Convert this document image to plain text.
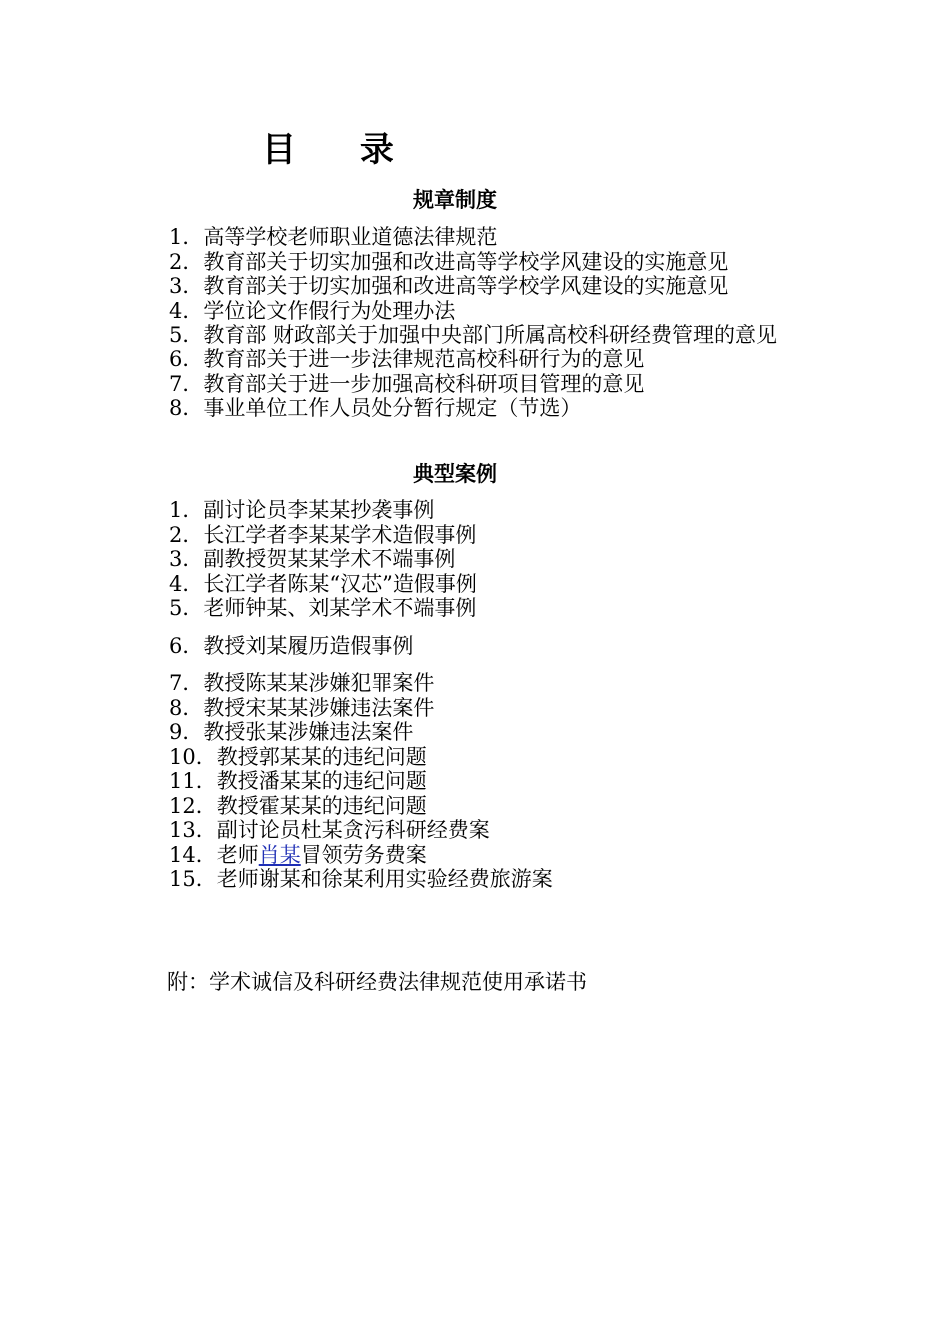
目 录
规章制度
1．高等学校老师职业道德法律规范
2．教育部关于切实加强和改进高等学校学风建设的实施意见
3．教育部关于切实加强和改进高等学校学风建设的实施意见
4．学位论文作假行为处理办法
5．教育部 财政部关于加强中央部门所属高校科研经费管理的意见
6．教育部关于进一步法律规范高校科研行为的意见
7．教育部关于进一步加强高校科研项目管理的意见
8．事业单位工作人员处分暂行规定（节选）
典型案例
1．副讨论员李某某抄袭事例
2．长江学者李某某学术造假事例
3．副教授贺某某学术不端事例
4．长江学者陈某“汉芯”造假事例
5．老师钟某、刘某学术不端事例
6．教授刘某履历造假事例
7．教授陈某某涉嫌犯罪案件
8．教授宋某某涉嫌违法案件
9．教授张某涉嫌违法案件
10．教授郭某某的违纪问题
11．教授潘某某的违纪问题
12．教授霍某某的违纪问题
13．副讨论员杜某贪污科研经费案
14．老师肖某冒领劳务费案
15．老师谢某和徐某利用实验经费旅游案
附：学术诚信及科研经费法律规范使用承诺书
